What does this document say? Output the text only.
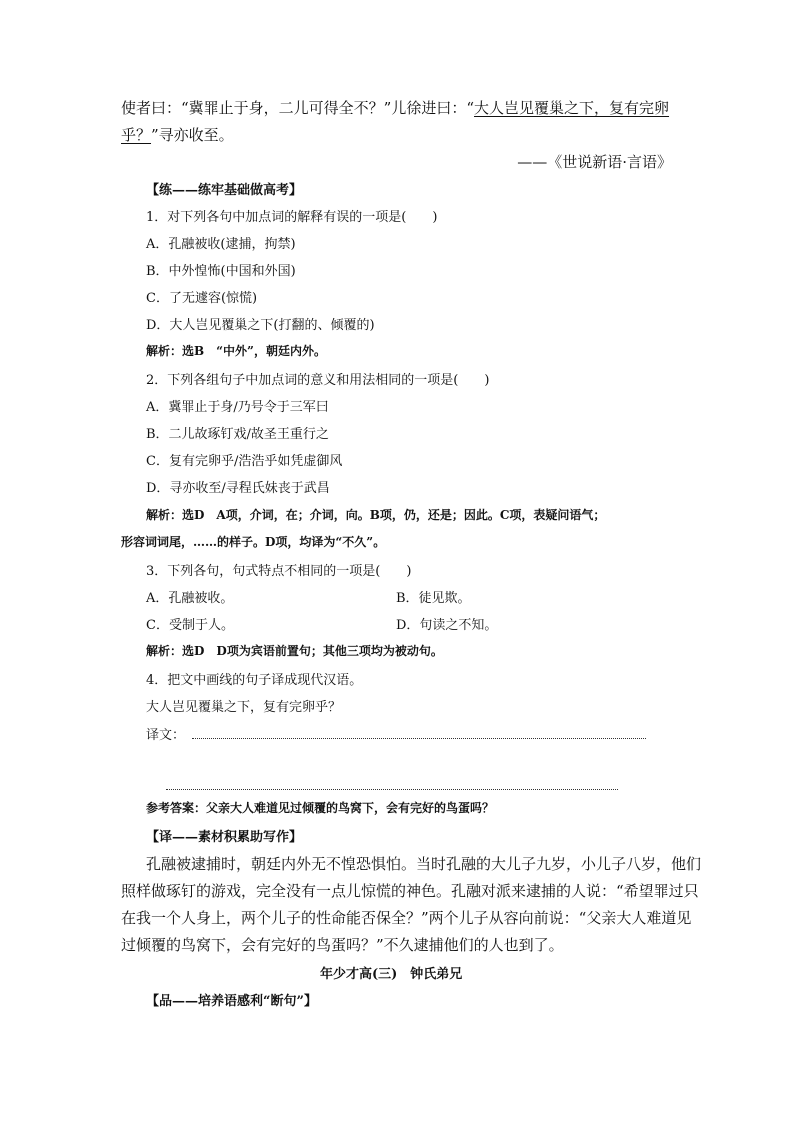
使者曰：“冀罪止于身，二儿可得全不？”儿徐进曰：“大人岂见覆巢之下，复有完卵
乎？”寻亦收至。
——《世说新语·言语》
【练——练牢基础做高考】
1．对下列各句中加点词的解释有误的一项是(　　)
A．孔融被收(逮捕，拘禁)
B．中外惶怖(中国和外国)
C．了无遽容(惊慌)
D．大人岂见覆巢之下(打翻的、倾覆的)
解析：选B　“中外”，朝廷内外。
2．下列各组句子中加点词的意义和用法相同的一项是(　　)
A．冀罪止于身/乃号令于三军曰
B．二儿故琢钉戏/故圣王重行之
C．复有完卵乎/浩浩乎如凭虚御风
D．寻亦收至/寻程氏妹丧于武昌
解析：选D　A项，介词，在；介词，向。B项，仍，还是；因此。C项，表疑问语气；
形容词词尾，……的样子。D项，均译为“不久”。
3．下列各句，句式特点不相同的一项是(　　)
A．孔融被收。	B．徒见欺。
C．受制于人。	D．句读之不知。
解析：选D　D项为宾语前置句；其他三项均为被动句。
4．把文中画线的句子译成现代汉语。
大人岂见覆巢之下，复有完卵乎？
译文：
参考答案：父亲大人难道见过倾覆的鸟窝下，会有完好的鸟蛋吗？
【译——素材积累助写作】
孔融被逮捕时，朝廷内外无不惶恐惧怕。当时孔融的大儿子九岁，小儿子八岁，他们
照样做琢钉的游戏，完全没有一点儿惊慌的神色。孔融对派来逮捕的人说：“希望罪过只
在我一个人身上，两个儿子的性命能否保全？”两个儿子从容向前说：“父亲大人难道见
过倾覆的鸟窝下，会有完好的鸟蛋吗？”不久逮捕他们的人也到了。
年少才高(三)　钟氏弟兄
【品——培养语感利“断句”】
